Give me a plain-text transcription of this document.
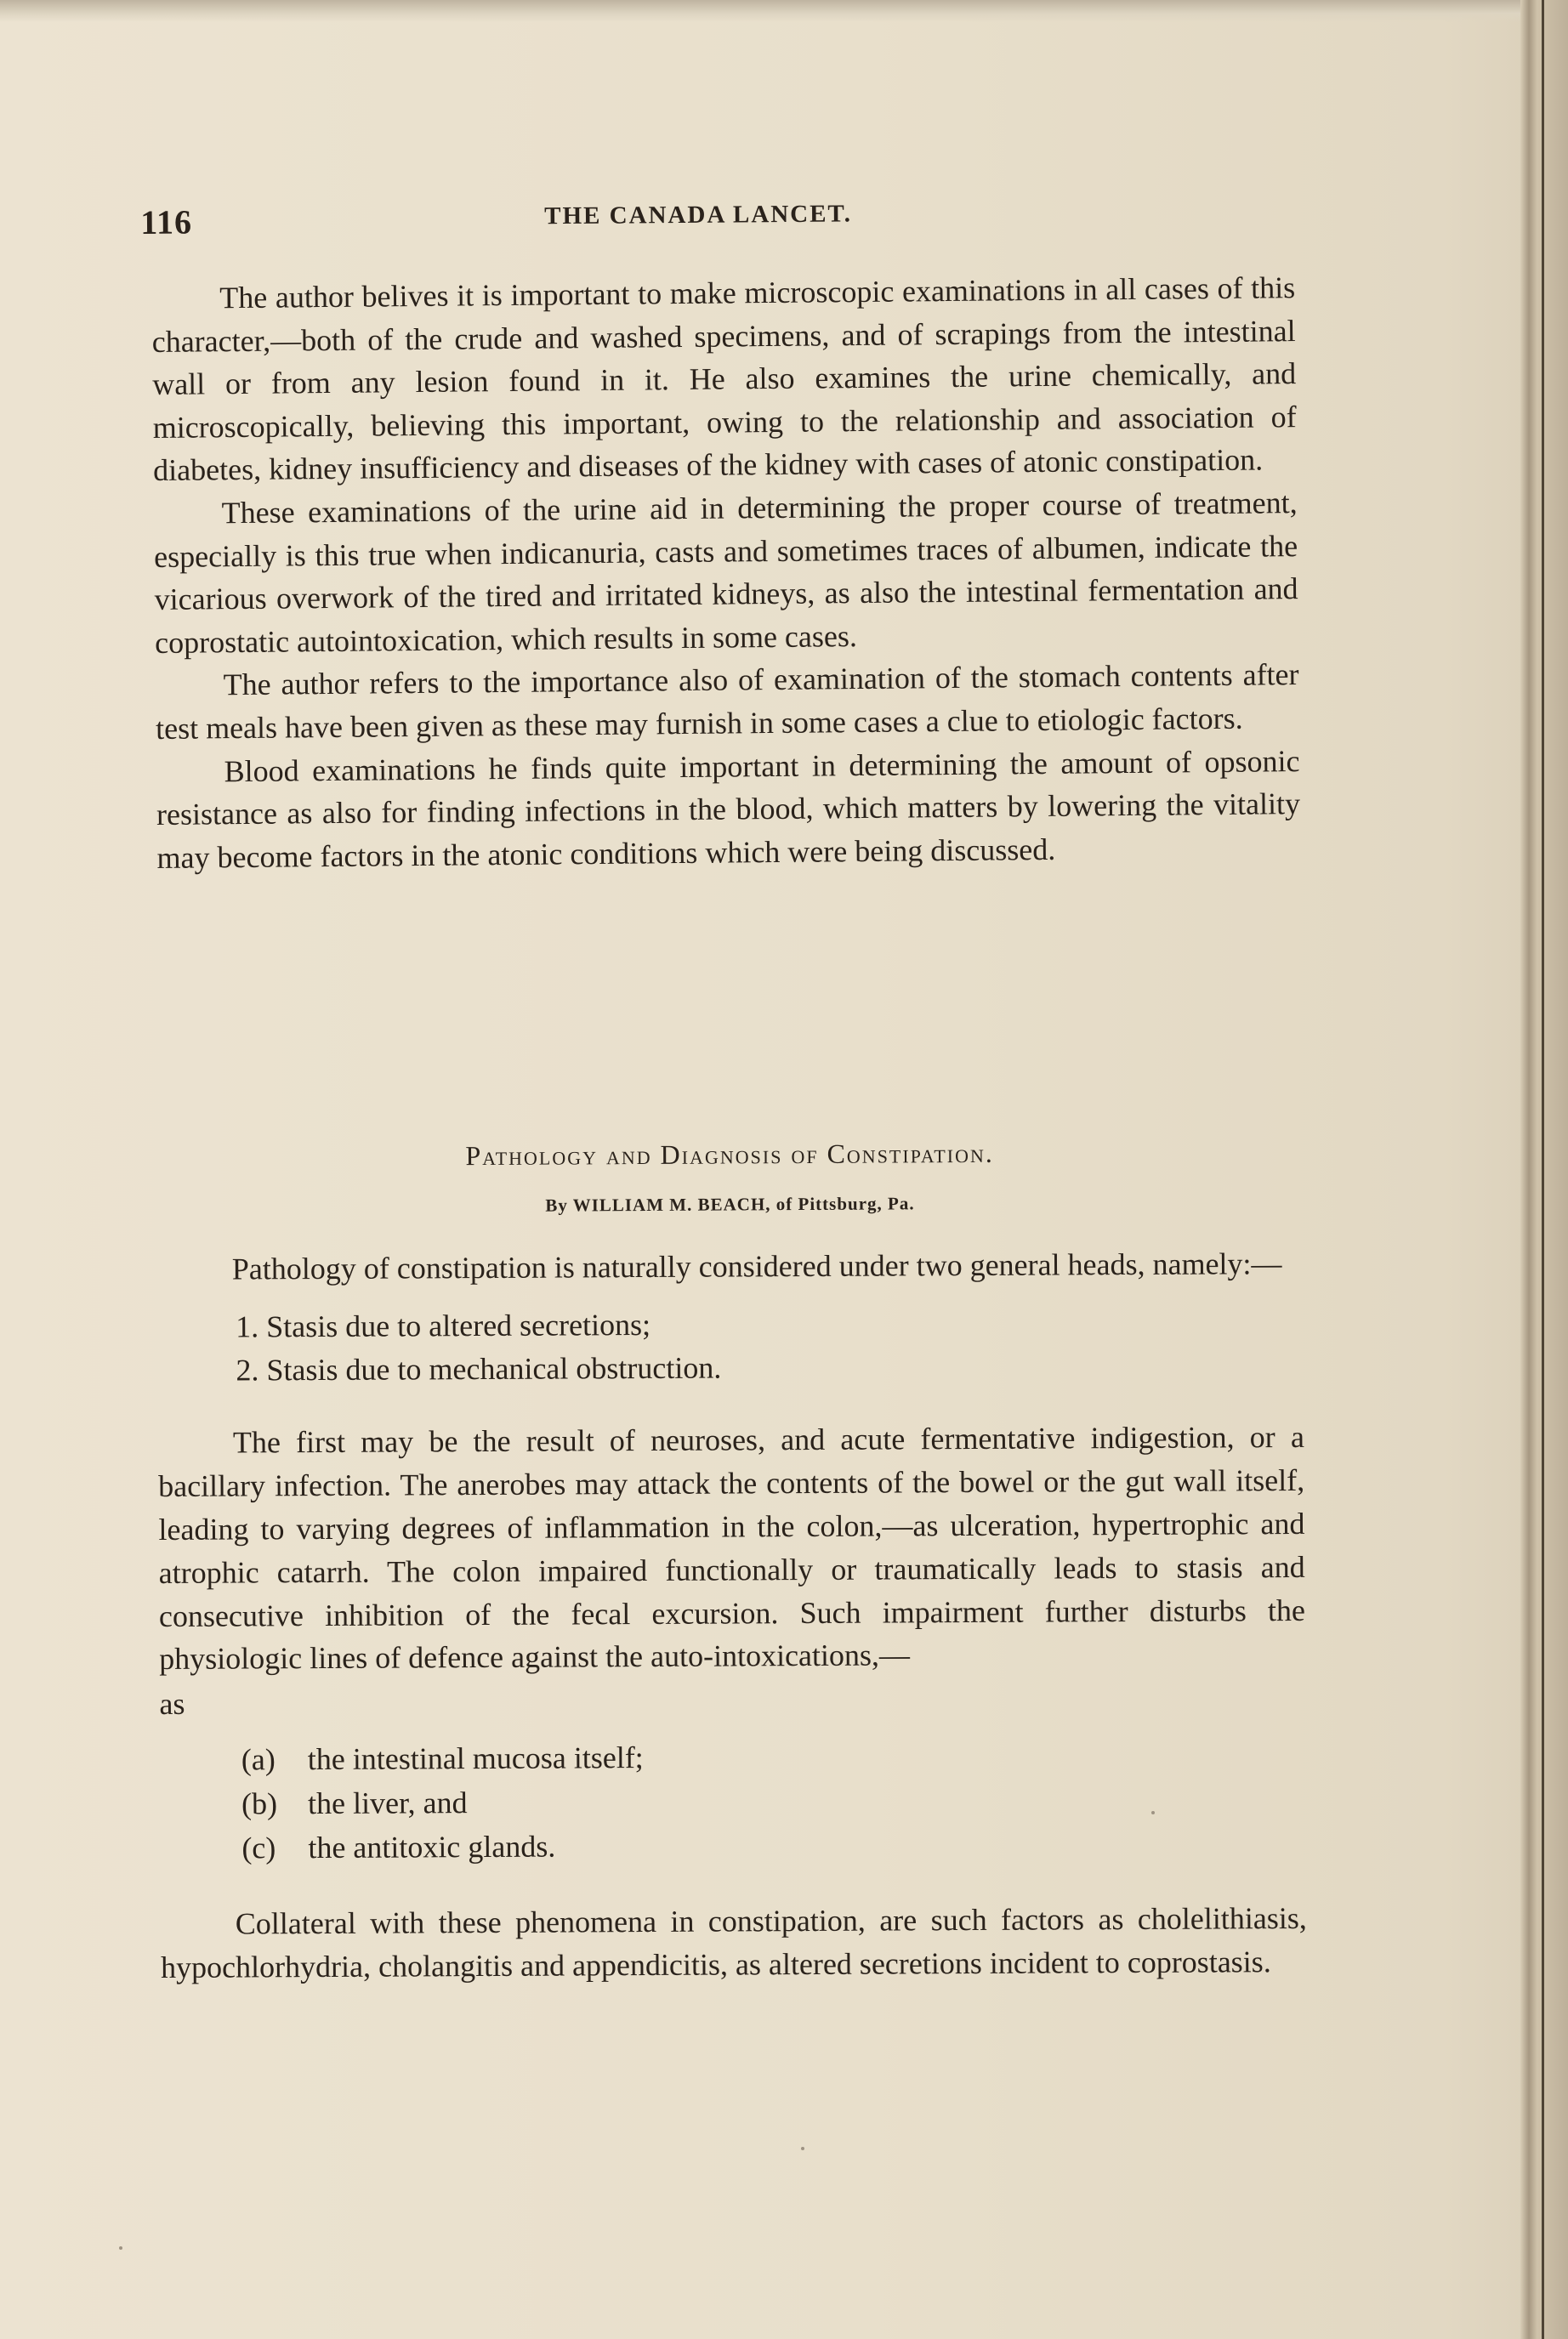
116	THE CANADA LANCET.

The author belives it is important to make microscopic examinations in all cases of this character,—both of the crude and washed specimens, and of scrapings from the intestinal wall or from any lesion found in it. He also examines the urine chemically, and microscopically, believing this important, owing to the relationship and association of diabetes, kidney insufficiency and diseases of the kidney with cases of atonic constipation.

These examinations of the urine aid in determining the proper course of treatment, especially is this true when indicanuria, casts and sometimes traces of albumen, indicate the vicarious overwork of the tired and irritated kidneys, as also the intestinal fermentation and coprostatic autointoxication, which results in some cases.

The author refers to the importance also of examination of the stomach contents after test meals have been given as these may furnish in some cases a clue to etiologic factors.

Blood examinations he finds quite important in determining the amount of opsonic resistance as also for finding infections in the blood, which matters by lowering the vitality may become factors in the atonic conditions which were being discussed.

Pathology and Diagnosis of Constipation.
By WILLIAM M. BEACH, of Pittsburg, Pa.

Pathology of constipation is naturally considered under two general heads, namely:—

1. Stasis due to altered secretions;
2. Stasis due to mechanical obstruction.

The first may be the result of neuroses, and acute fermentative indigestion, or a bacillary infection. The anerobes may attack the contents of the bowel or the gut wall itself, leading to varying degrees of inflammation in the colon,—as ulceration, hypertrophic and atrophic catarrh. The colon impaired functionally or traumatically leads to stasis and consecutive inhibition of the fecal excursion. Such impairment further disturbs the physiologic lines of defence against the auto-intoxications,—

as

(a) the intestinal mucosa itself;
(b) the liver, and
(c) the antitoxic glands.

Collateral with these phenomena in constipation, are such factors as cholelithiasis, hypochlorhydria, cholangitis and appendicitis, as altered secretions incident to coprostasis.
